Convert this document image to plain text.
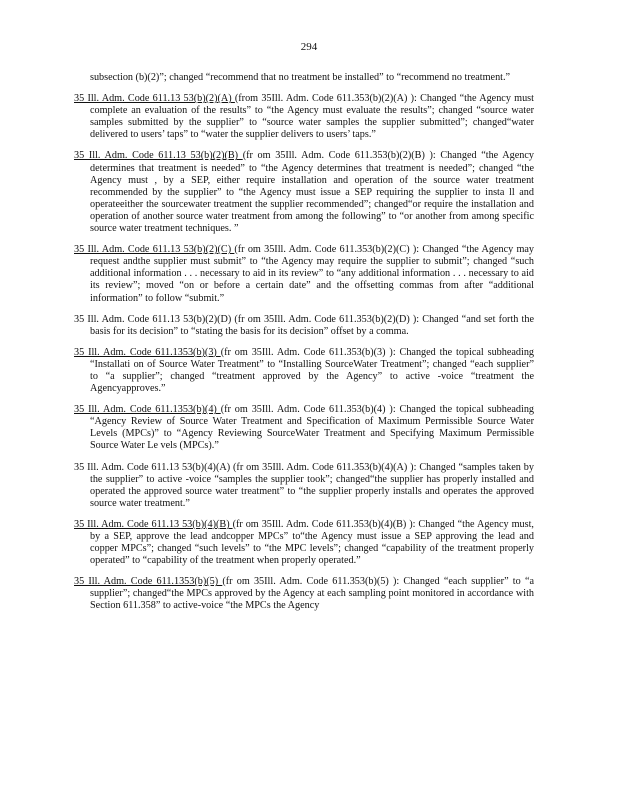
294

subsection (b)(2)”; changed “recommend that no treatment be installed” to “recommend no treatment.”

35 Ill. Adm. Code 611.13 53(b)(2)(A) (from 35Ill. Adm. Code 611.353(b)(2)(A) ): Changed “the Agency must complete an evaluation of the results” to “the Agency must evaluate the results”; changed “source water samples submitted by the supplier” to “source water samples the supplier submitted”; changed“water delivered to users’ taps” to “water the supplier delivers to users’ taps.”

35 Ill. Adm. Code 611.13 53(b)(2)(B) (fr om 35Ill. Adm. Code 611.353(b)(2)(B) ): Changed “the Agency determines that treatment is needed” to “the Agency determines that treatment is needed”; changed “the Agency must , by a SEP, either require installation and operation of the source water treatment recommended by the supplier” to “the Agency must issue a SEP requiring the supplier to insta ll and operateeither the sourcewater treatment the supplier recommended”; changed“or require the installation and operation of another source water treatment from among the following” to “or another from among specific source water treatment techniques. ”

35 Ill. Adm. Code 611.13 53(b)(2)(C) (fr om 35Ill. Adm. Code 611.353(b)(2)(C) ): Changed “the Agency may request andthe supplier must submit” to “the Agency may require the supplier to submit”; changed “such additional information . . . necessary to aid in its review” to “any additional information . . . necessary to aid its review”; moved “on or before a certain date” and the offsetting commas from after “additional information” to follow “submit.”

35 Ill. Adm. Code 611.13 53(b)(2)(D) (fr om 35Ill. Adm. Code 611.353(b)(2)(D) ): Changed “and set forth the basis for its decision” to “stating the basis for its decision” offset by a comma.

35 Ill. Adm. Code 611.1353(b)(3) (fr om 35Ill. Adm. Code 611.353(b)(3) ): Changed the topical subheading “Installati on of Source Water Treatment” to “Installing SourceWater Treatment”; changed “each supplier” to “a supplier”; changed “treatment approved by the Agency” to active -voice “treatment the Agencyapproves.”

35 Ill. Adm. Code 611.1353(b)(4) (fr om 35Ill. Adm. Code 611.353(b)(4) ): Changed the topical subheading “Agency Review of Source Water Treatment and Specification of Maximum Permissible Source Water Levels (MPCs)” to “Agency Reviewing SourceWater Treatment and Specifying Maximum Permissible Source Water Le vels (MPCs).”

35 Ill. Adm. Code 611.13 53(b)(4)(A) (fr om 35Ill. Adm. Code 611.353(b)(4)(A) ): Changed “samples taken by the supplier” to active -voice “samples the supplier took”; changed“the supplier has properly installed and operated the approved source water treatment” to “the supplier properly installs and operates the approved source water treatment.”

35 Ill. Adm. Code 611.13 53(b)(4)(B) (fr om 35Ill. Adm. Code 611.353(b)(4)(B) ): Changed “the Agency must, by a SEP, approve the lead andcopper MPCs” to“the Agency must issue a SEP approving the lead and copper MPCs”; changed “such levels” to “the MPC levels”; changed “capability of the treatment properly operated” to “capability of the treatment when properly operated.”

35 Ill. Adm. Code 611.1353(b)(5) (fr om 35Ill. Adm. Code 611.353(b)(5) ): Changed “each supplier” to “a supplier”; changed“the MPCs approved by the Agency at each sampling point monitored in accordance with Section 611.358” to active-voice “the MPCs the Agency
